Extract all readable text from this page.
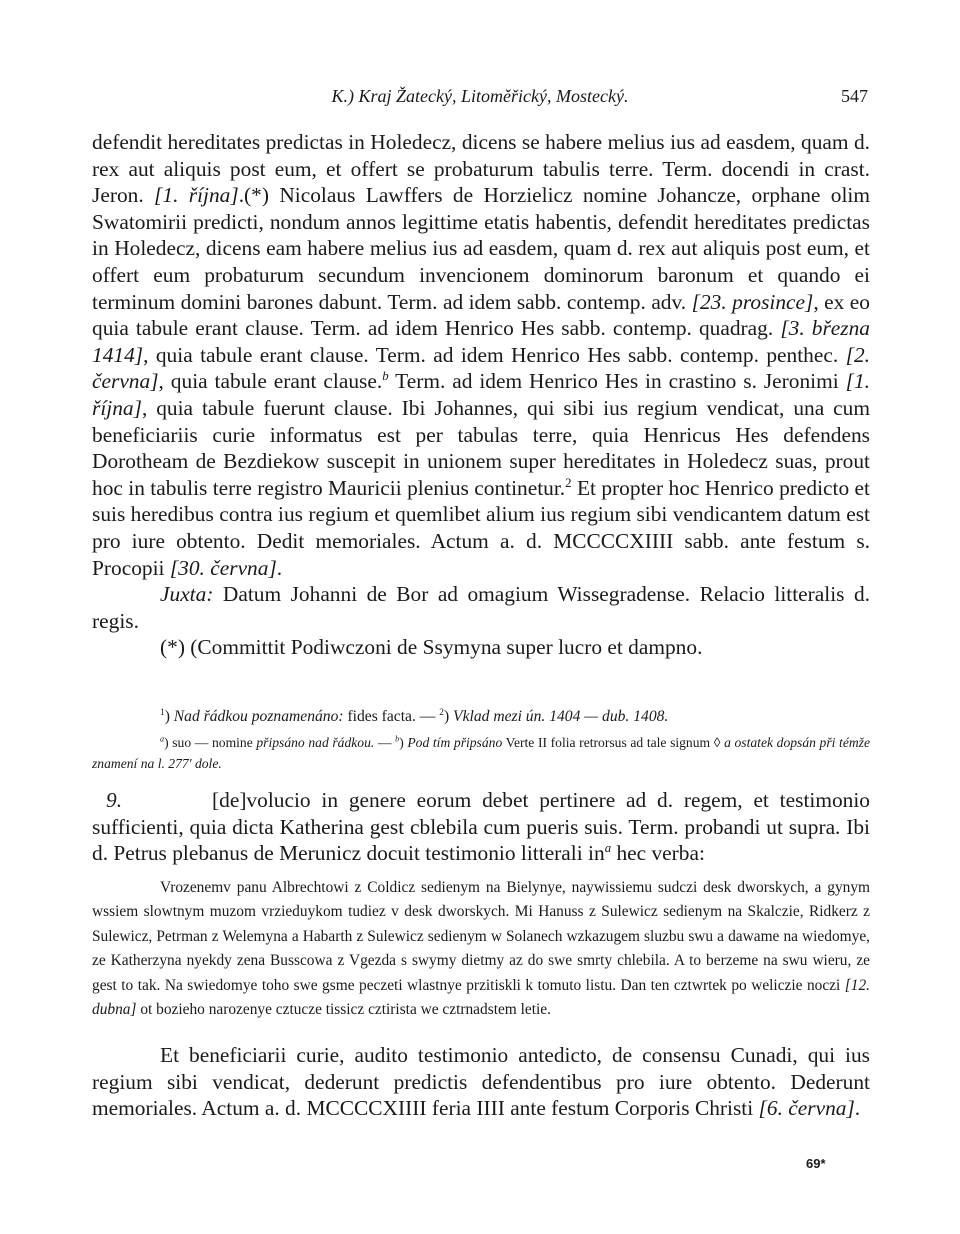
K.) Kraj Žatecký, Litoměřický, Mostecký.	547

defendit hereditates predictas in Holedecz, dicens se habere melius ius ad easdem, quam d. rex aut aliquis post eum, et offert se probaturum tabulis terre. Term. docendi in crast. Jeron. [1. října].(*) Nicolaus Lawffers de Horzielicz nomine Johancze, orphane olim Swatomirii predicti, nondum annos legittime etatis habentis, defendit hereditates predictas in Holedecz, dicens eam habere melius ius ad easdem, quam d. rex aut aliquis post eum, et offert eum probaturum secundum invencionem dominorum baronum et quando ei terminum domini barones dabunt. Term. ad idem sabb. contemp. adv. [23. prosince], ex eo quia tabule erant clause. Term. ad idem Henrico Hes sabb. contemp. quadrag. [3. března 1414], quia tabule erant clause. Term. ad idem Henrico Hes sabb. contemp. penthec. [2. června], quia tabule erant clause.$^b$ Term. ad idem Henrico Hes in crastino s. Jeronimi [1. října], quia tabule fuerunt clause. Ibi Johannes, qui sibi ius regium vendicat, una cum beneficiariis curie informatus est per tabulas terre, quia Henricus Hes defendens Dorotheam de Bezdiekow suscepit in unionem super hereditates in Holedecz suas, prout hoc in tabulis terre registro Mauricii plenius continetur.$^2$ Et propter hoc Henrico predicto et suis heredibus contra ius regium et quemlibet alium ius regium sibi vendicantem datum est pro iure obtento. Dedit memoriales. Actum a. d. MCCCCXIIII sabb. ante festum s. Procopii [30. června].

Juxta: Datum Johanni de Bor ad omagium Wissegradense. Relacio litteralis d. regis.

(*) (Committit Podiwczoni de Ssymyna super lucro et dampno.

$^1$) Nad řádkou poznamenáno: fides facta. — $^2$) Vklad mezi ún. 1404 — dub. 1408.
$^a$) suo — nomine připsáno nad řádkou. — $^b$) Pod tím připsáno Verte II folia retrorsus ad tale signum ◊ a ostatek dopsán při témže znamení na l. 277' dole.

9.	[de]volucio in genere eorum debet pertinere ad d. regem, et testimonio sufficienti, quia dicta Katherina gest cblebila cum pueris suis. Term. probandi ut supra. Ibi d. Petrus plebanus de Merunicz docuit testimonio litterali $in^a$ hec verba:

Vrozenemv panu Albrechtowi z Coldicz sedienym na Bielynye, naywissiemu sudczi desk dworskych, a gynym wssiem slowtnym muzom vrzieduykom tudiez v desk dworskych. Mi Hanuss z Sulewicz sedienym na Skalczie, Ridkerz z Sulewicz, Petrman z Welemyna a Habarth z Sulewicz sedienym w Solanech wzkazugem sluzbu swu a dawame na wiedomye, ze Katherzyna nyekdy zena Busscowa z Vgezda s swymy dietmy az do swe smrty chlebila. A to berzeme na swu wieru, ze gest to tak. Na swiedomye toho swe gsme peczeti wlastnye przitiskli k tomuto listu. Dan ten cztwrtek po weliczie noczi [12. dubna] ot bozieho narozenye cztucze tissicz cztirista we cztrnadstem letie.

Et beneficiarii curie, audito testimonio antedicto, de consensu Cunadi, qui ius regium sibi vendicat, dederunt predictis defendentibus pro iure obtento. Dederunt memoriales. Actum a. d. MCCCCXIIII feria IIII ante festum Corporis Christi [6. června].

69*
